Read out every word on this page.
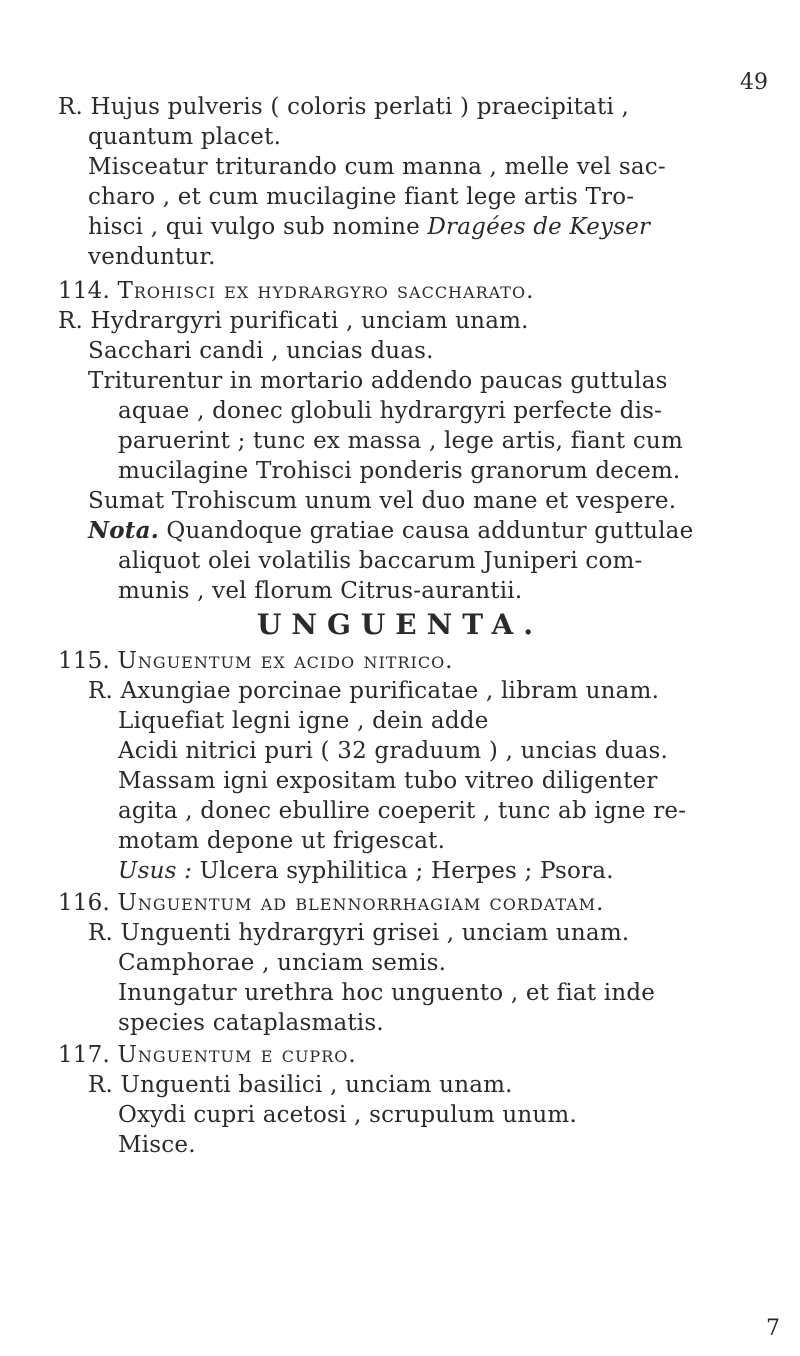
49
R. Hujus pulveris ( coloris perlati ) praecipitati ,
quantum placet.
Misceatur triturando cum manna , melle vel sac-
charo , et cum mucilagine fiant lege artis Tro-
hisci , qui vulgo sub nomine Dragées de Keyser
venduntur.
114. Trohisci ex hydrargyro saccharato.
R. Hydrargyri purificati , unciam unam.
Sacchari candi , uncias duas.
Triturentur in mortario addendo paucas guttulas
aquae , donec globuli hydrargyri perfecte dis-
paruerint ; tunc ex massa , lege artis, fiant cum
mucilagine Trohisci ponderis granorum decem.
Sumat Trohiscum unum vel duo mane et vespere.
Nota. Quandoque gratiae causa adduntur guttulae
aliquot olei volatilis baccarum Juniperi com-
munis , vel florum Citrus-aurantii.
UNGUENTA.
115. Unguentum ex acido nitrico.
R. Axungiae porcinae purificatae , libram unam.
Liquefiat legni igne , dein adde
Acidi nitrici puri ( 32 graduum ) , uncias duas.
Massam igni expositam tubo vitreo diligenter
agita , donec ebullire coeperit , tunc ab igne re-
motam depone ut frigescat.
Usus : Ulcera syphilitica ; Herpes ; Psora.
116. Unguentum ad blennorrhagiam cordatam.
R. Unguenti hydrargyri grisei , unciam unam.
Camphorae , unciam semis.
Inungatur urethra hoc unguento , et fiat inde
species cataplasmatis.
117. Unguentum e cupro.
R. Unguenti basilici , unciam unam.
Oxydi cupri acetosi , scrupulum unum.
Misce.
7
